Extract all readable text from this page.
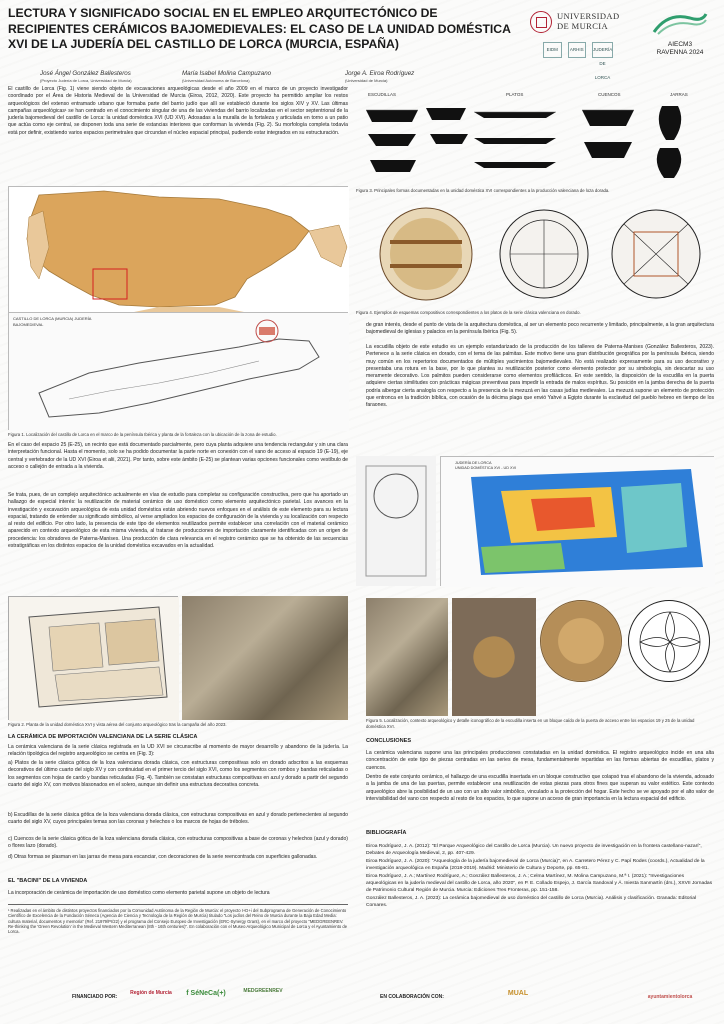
LECTURA Y SIGNIFICADO SOCIAL EN EL EMPLEO ARQUITECTÓNICO DE RECIPIENTES CERÁMICOS BAJOMEDIEVALES: EL CASO DE LA UNIDAD DOMÉSTICA XVI DE LA JUDERÍA DEL CASTILLO DE LORCA (MURCIA, ESPAÑA)
José Ángel González Ballesteros
(Proyecto Judería de Lorca, Universidad de Murcia)
María Isabel Molina Campuzano
(Universidad Autónoma de Barcelona)
Jorge A. Eiroa Rodríguez
(Universidad de Murcia)
UNIVERSIDAD DE MURCIA
EIDM	ARHIS	JUDERÍA DE LORCA
AIECM3
RAVENNA 2024
El castillo de Lorca (Fig. 1) viene siendo objeto de excavaciones arqueológicas desde el año 2009 en el marco de un proyecto investigador coordinado por el Área de Historia Medieval de la Universidad de Murcia (Eiroa, 2012, 2020). Este proyecto ha permitido ampliar los restos arqueológicos del extenso entramado urbano que formaba parte del barrio judío que allí se estableció durante los siglos XIV y XV. Las últimas campañas arqueológicas¹ se han centrado en el conocimiento singular de una de las viviendas del barrio localizadas en el sector septentrional de la judería bajomedieval del castillo de Lorca: la unidad doméstica XVI (UD XVI). Adosadas a la muralla de la fortaleza y articulada en torno a un patio que actúa como eje central, se disponen toda una serie de estancias interiores que conforman la vivienda (Fig. 2). Su morfología completa todavía está por definir, existiendo varios espacios perimetrales que circundan el núcleo espacial principal, pudiendo estar integrados en su estructuración.
CASTILLO DE LORCA (MURCIA) JUDERÍA BAJOMEDIEVAL
Figura 1. Localización del castillo de Lorca en el marco de la península Ibérica y planta de la fortaleza con la ubicación de la zona de estudio.
En el caso del espacio 25 (E-25), un recinto que está documentado parcialmente, pero cuya planta adquiere una tendencia rectangular y sin una clara interpretación funcional. Hasta el momento, solo se ha podido documentar la parte norte en conexión con el vano de acceso al espacio 19 (E-19), eje central y vertebrador de la UD XVI (Eiroa et alii, 2021). Por tanto, sobre este ámbito (E-25) se plantean varias opciones funcionales como vestíbulo de acceso o callejón de entrada a la vivienda.
Se trata, pues, de un complejo arquitectónico actualmente en vías de estudio para completar su configuración constructiva, pero que ha aportado un hallazgo de especial interés: la reutilización de material cerámico de uso doméstico como elemento arquitectónico parietal. Los avances en la investigación y excavación arqueológica de esta unidad doméstica están abriendo nuevos enfoques en el análisis de este elemento para su lectura espacial, tratando de entender su significado simbólico, al verse ampliados los espacios de configuración de la vivienda y su localización con respecto al resto del edificio. Por otro lado, la presencia de este tipo de elementos reutilizados permite establecer una correlación con el material cerámico aparecido en contexto arqueológico de esta misma vivienda, al tratarse de producciones de importación claramente identificadas con un origen de procedencia: los obradores de Paterna-Manises. Una producción de clara relevancia en el registro cerámico que se ha obtenido de las secuencias estratigráficas en los distintos espacios de la unidad doméstica excavados en la actualidad.
Figura 2. Planta de la unidad doméstica XVI y vista aérea del conjunto arqueológico tras la campaña del año 2023.
LA CERÁMICA DE IMPORTACIÓN VALENCIANA DE LA SERIE CLÁSICA
La cerámica valenciana de la serie clásica registrada en la UD XVI se circunscribe al momento de mayor desarrollo y abandono de la judería. La relación tipológica del registro arqueológico se centra en (Fig. 3):
a) Platos de la serie clásica gótica de la loza valenciana dorada clásica, con estructuras compositivas solo en dorado adscritos a las esquemas decorativos del último cuarto del siglo XV y con continuidad en el primer tercio del siglo XVI, como los segmentos con rombos y bandas reticuladas o los segmentos con hojas de cardo y bandas reticuladas (Fig. 4). También se constatan estructuras compositivas en azul y dorado a partir del segundo cuarto del siglo XV, con motivos blasonados en el solero, aunque sin definir una estructura decorativa concreta.
b) Escudillas de la serie clásica gótica de la loza valenciana dorada clásica, con estructuras compositivas en azul y dorado pertenecientes al segundo cuarto del siglo XV, cuyos principales temas son las coronas y helechos o los marcos de hojas de tréboles.
c) Cuencos de la serie clásica gótica de la loza valenciana dorada clásica, con estructuras compositivas a base de coronas y helechos (azul y dorado) o flores lazo (dorado).
d) Otras formas se plasman en las jarras de mesa para escanciar, con decoraciones de la serie reencontrada con superficies gallonadas.
EL "BACINI" DE LA VIVIENDA
La incorporación de cerámica de importación de uso doméstico como elemento parietal supone un objeto de lectura
¹ Realizadas en el ámbito de distintos proyectos financiados por la Comunidad Autónoma de la Región de Murcia: el proyecto I+D+i del Subprograma de Generación de Conocimiento Científico de Excelencia de la Fundación Séneca (Agencia de Ciencia y Tecnología de la Región de Murcia) titulado "Los judíos del Reino de Murcia durante la Baja Edad Media: cultura material, documentos y memoria" (Ref. 21979/PI/22) y el programa del Consejo Europeo de Investigación (ERC-Synergy Grant), en el marco del proyecto "MEDGREENREV. Re-thinking the 'Green Revolution' in the Medieval Western Mediterranean (8th - 16th centuries)". En colaboración con el Museo Arqueológico Municipal de Lorca y el Ayuntamiento de Lorca.
ESCUDILLAS	PLATOS	CUENCOS	JARRAS
Figura 3. Principales formas documentadas en la unidad doméstica XVI correspondientes a la producción valenciana de loza dorada.
Figura 4. Ejemplos de esquemas compositivos correspondientes a los platos de la serie clásica valenciana en dorado.
de gran interés, desde el punto de vista de la arquitectura doméstica, al ser un elemento poco recurrente y limitado, principalmente, a la gran arquitectura bajomedieval de iglesias y palacios en la península Ibérica (Fig. 5).
La escudilla objeto de este estudio es un ejemplo estandarizado de la producción de los talleres de Paterna-Manises (González Ballesteros, 2023). Pertenece a la serie clásica en dorado, con el tema de las palmitas. Este motivo tiene una gran distribución geográfica por la península Ibérica, siendo muy común en los repertorios documentados de múltiples yacimientos bajomedievales. No está realizado expresamente para su uso decorativo y presentaba una rotura en la base, por lo que plantea su reutilización posterior como elemento protector por su simbología, sin descartar su uso meramente decorativo. Los palmitos pueden considerarse como elementos profilácticos. En este sentido, la disposición de la escudilla en la puerta adquiere ciertas similitudes con prácticas mágicas preventivas para impedir la entrada de malos espíritus. Su posición en la jamba derecha de la puerta podría albergar cierta analogía con respecto a la presencia de la mezuzá en las casas judías medievales. La mezuzá supone un elemento de protección que entronca en la tradición bíblica, con ocasión de la décima plaga que envió Yahvé a Egipto durante la esclavitud del pueblo hebreo en tiempo de los faraones.
JUDERÍA DE LORCA
UNIDAD DOMÉSTICA XVI - UD XVI
Figura 5. Localización, contexto arqueológico y detalle iconográfico de la escudilla inserta en un bloque caído de la puerta de acceso entre los espacios 19 y 25 de la unidad doméstica XVI.
CONCLUSIONES
La cerámica valenciana supone una las principales producciones constatadas en la unidad doméstica. El registro arqueológico incide en una alta concentración de este tipo de piezas centradas en las series de mesa, fundamentalmente repartidas en las formas abiertas de escudillas, platos y cuencos.
Dentro de este conjunto cerámico, el hallazgo de una escudilla insertada en un bloque constructivo que colapsó tras el abandono de la vivienda, adosado a la jamba de una de las puertas, permite establecer una reutilización de estas piezas para otros fines que superan su valor estético. Este contexto arqueológico abre la posibilidad de un uso con un alto valor simbólico, vinculado a la protección del hogar. Este hecho se ve apoyado por el alto valor de intervisibilidad del vano con respecto al resto de los espacios, lo que supone un acceso de gran importancia en la lectura espacial del edificio.
BIBLIOGRAFÍA
Eiroa Rodríguez, J. A. (2012): "El Parque Arqueológico del Castillo de Lorca (Murcia). Un nuevo proyecto de investigación en la frontera castellano-nazarí", Debates de Arqueología Medieval, 2, pp. 407-429.
Eiroa Rodríguez, J. A. (2020): "Arqueología de la judería bajomedieval de Lorca (Murcia)", en A. Carretero Pérez y C. Papí Rodes (coords.), Actualidad de la investigación arqueológica en España (2018-2019). Madrid: Ministerio de Cultura y Deporte, pp. 65-81.
Eiroa Rodríguez, J. A.; Martínez Rodríguez, A.; González Ballesteros, J. A.; Celma Martínez, M. Molina Campuzano, M.ª I. (2021): "Investigaciones arqueológicas en la judería medieval del castillo de Lorca, año 2020", en P. E. Collado Espejo, J. García Sandoval y Á. Iniesta Sanmartín (drs.), XXVII Jornadas de Patrimonio Cultural Región de Murcia. Murcia: Ediciones Tres Fronteras, pp. 151-158.
González Ballesteros, J. A. (2023): La cerámica bajomedieval de uso doméstico del castillo de Lorca (Murcia). Análisis y clasificación. Granada: Editorial Comares.
FINANCIADO POR:
Región de Murcia	f SéNeCa(+)	MEDGREENREV
EN COLABORACIÓN CON:	MUAL	ayuntamientolorca
